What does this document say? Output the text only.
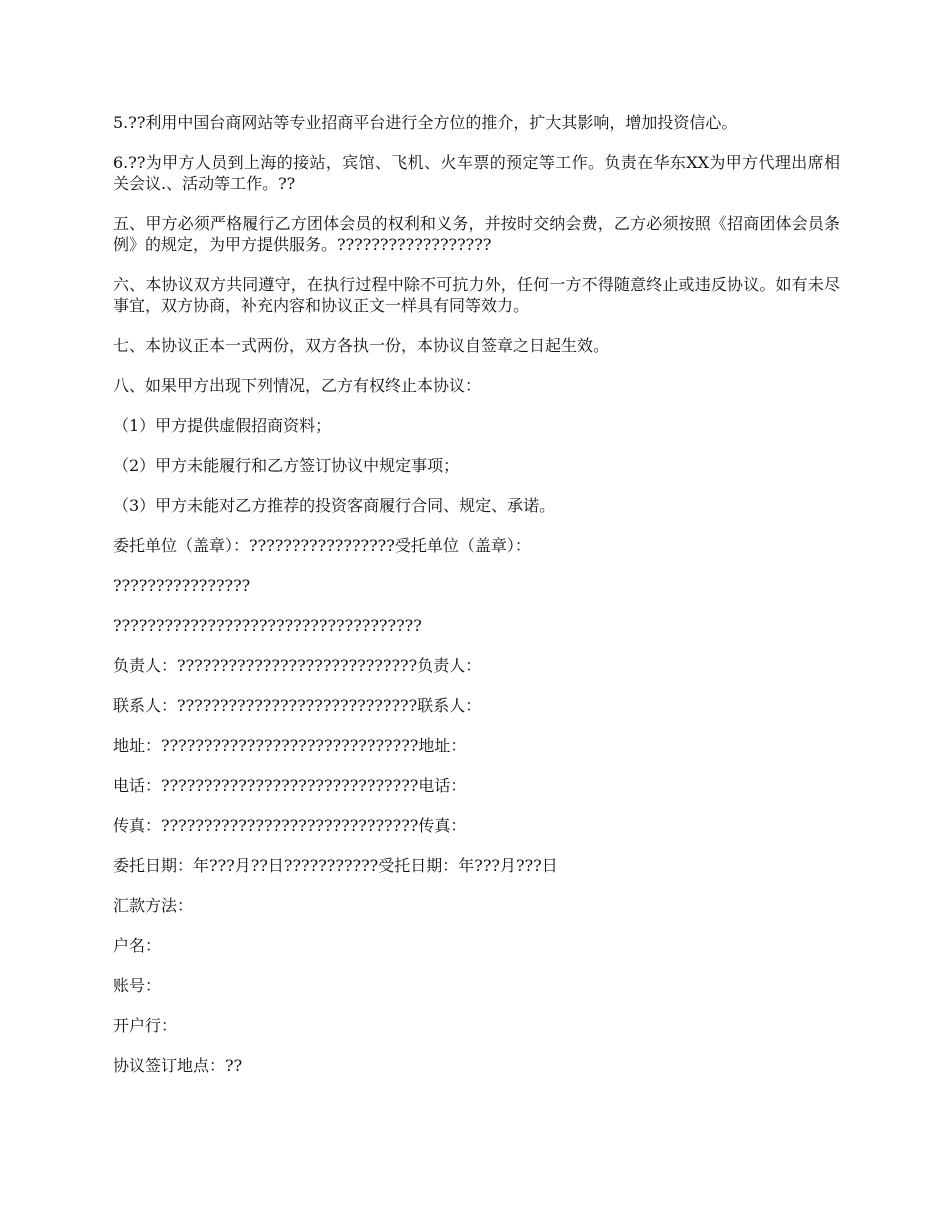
5.??利用中国台商网站等专业招商平台进行全方位的推介，扩大其影响，增加投资信心。

6.??为甲方人员到上海的接站，宾馆、飞机、火车票的预定等工作。负责在华东XX为甲方代理出席相关会议.、活动等工作。??

五、甲方必须严格履行乙方团体会员的权利和义务，并按时交纳会费，乙方必须按照《招商团体会员条例》的规定，为甲方提供服务。??????????????????

六、本协议双方共同遵守，在执行过程中除不可抗力外，任何一方不得随意终止或违反协议。如有未尽事宜，双方协商，补充内容和协议正文一样具有同等效力。

七、本协议正本一式两份，双方各执一份，本协议自签章之日起生效。

八、如果甲方出现下列情况，乙方有权终止本协议：

（1）甲方提供虚假招商资料；

（2）甲方未能履行和乙方签订协议中规定事项；

（3）甲方未能对乙方推荐的投资客商履行合同、规定、承诺。

委托单位（盖章）：?????????????????受托单位（盖章）：

????????????????

????????????????????????????????????

负责人：????????????????????????????负责人：

联系人：????????????????????????????联系人：

地址：??????????????????????????????地址：

电话：??????????????????????????????电话：

传真：??????????????????????????????传真：

委托日期：年???月??日???????????受托日期：年???月???日

汇款方法：

户名：

账号：

开户行：

协议签订地点：??
